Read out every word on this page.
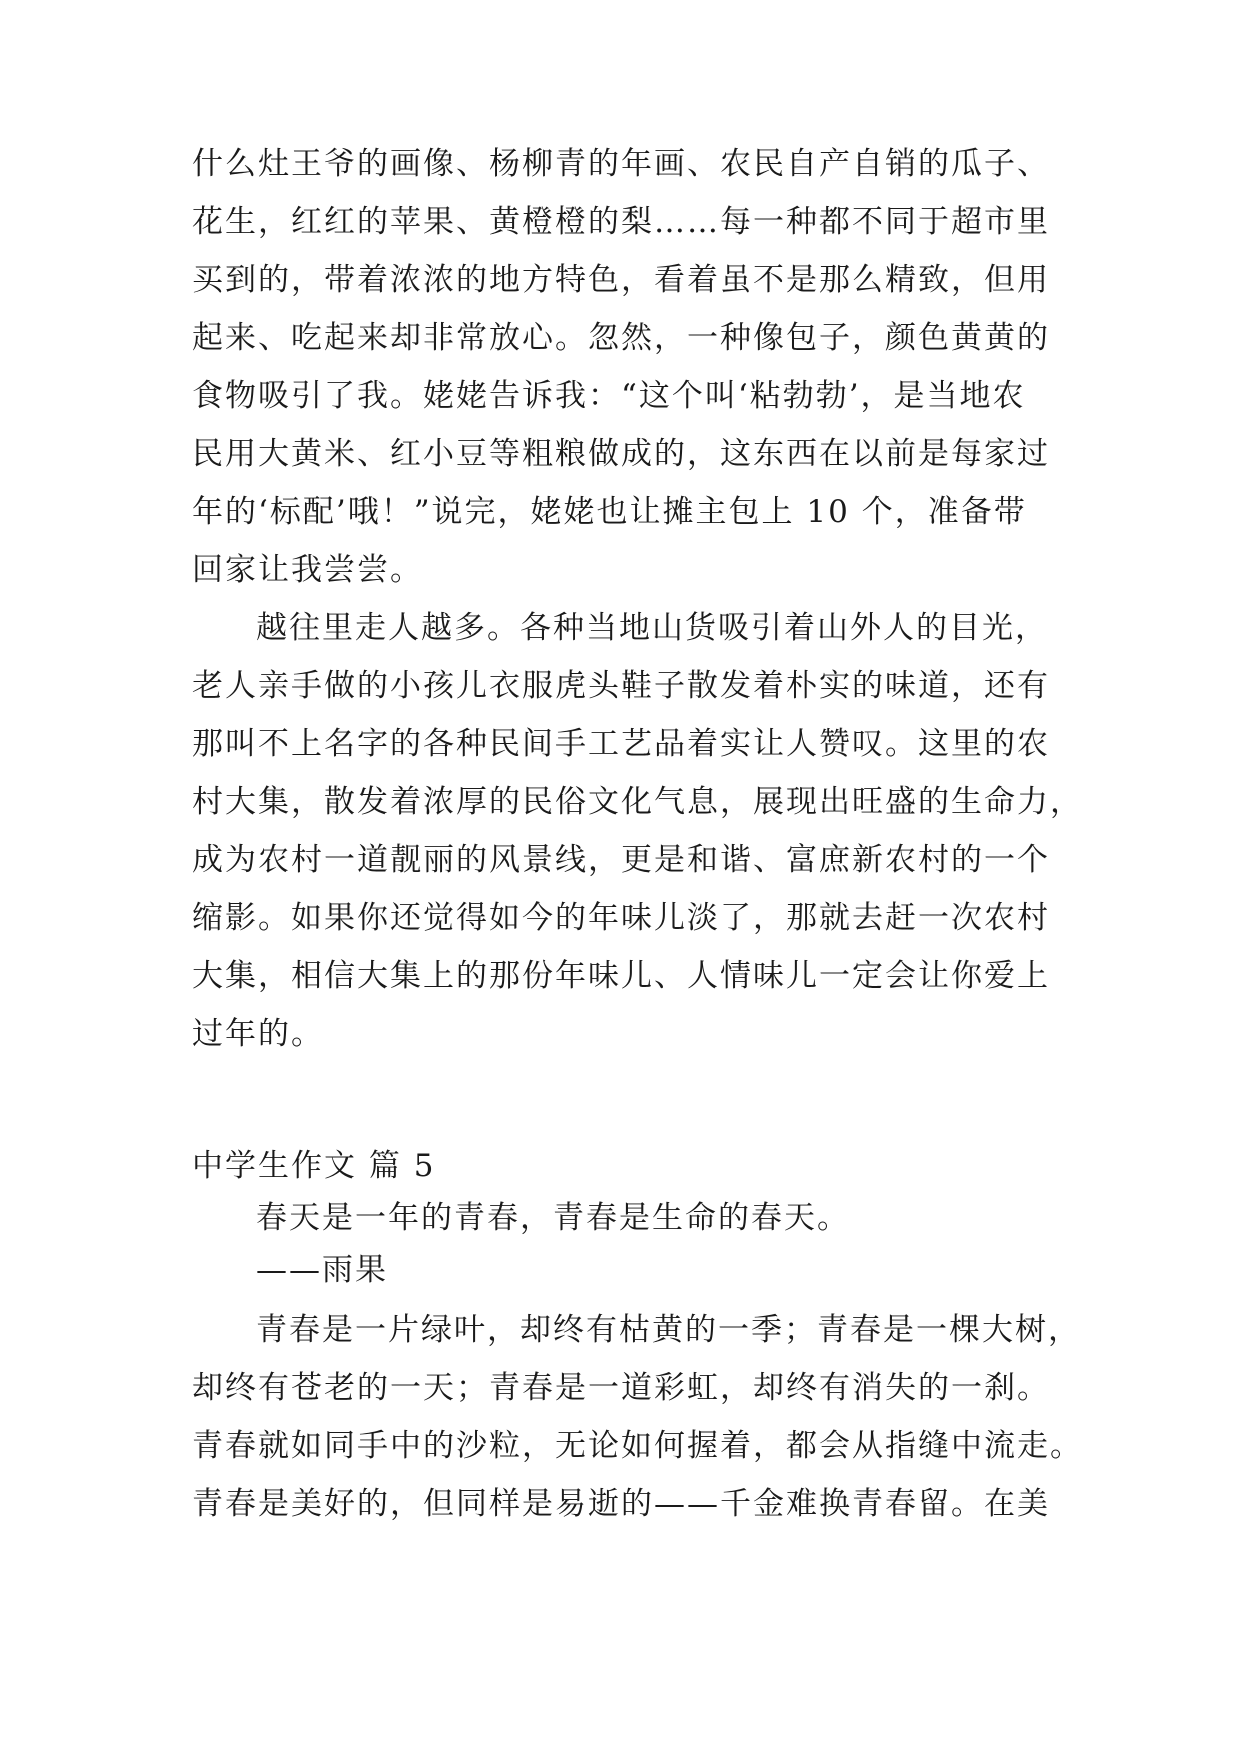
什么灶王爷的画像、杨柳青的年画、农民自产自销的瓜子、
花生，红红的苹果、黄橙橙的梨……每一种都不同于超市里
买到的，带着浓浓的地方特色，看着虽不是那么精致，但用
起来、吃起来却非常放心。忽然，一种像包子，颜色黄黄的
食物吸引了我。姥姥告诉我：“这个叫‘粘勃勃’，是当地农
民用大黄米、红小豆等粗粮做成的，这东西在以前是每家过
年的‘标配’哦！”说完，姥姥也让摊主包上 10 个，准备带
回家让我尝尝。
越往里走人越多。各种当地山货吸引着山外人的目光，
老人亲手做的小孩儿衣服虎头鞋子散发着朴实的味道，还有
那叫不上名字的各种民间手工艺品着实让人赞叹。这里的农
村大集，散发着浓厚的民俗文化气息，展现出旺盛的生命力，
成为农村一道靓丽的风景线，更是和谐、富庶新农村的一个
缩影。如果你还觉得如今的年味儿淡了，那就去赶一次农村
大集，相信大集上的那份年味儿、人情味儿一定会让你爱上
过年的。
中学生作文 篇 5
春天是一年的青春，青春是生命的春天。
——雨果
青春是一片绿叶，却终有枯黄的一季；青春是一棵大树，
却终有苍老的一天；青春是一道彩虹，却终有消失的一刹。
青春就如同手中的沙粒，无论如何握着，都会从指缝中流走。
青春是美好的，但同样是易逝的——千金难换青春留。在美
